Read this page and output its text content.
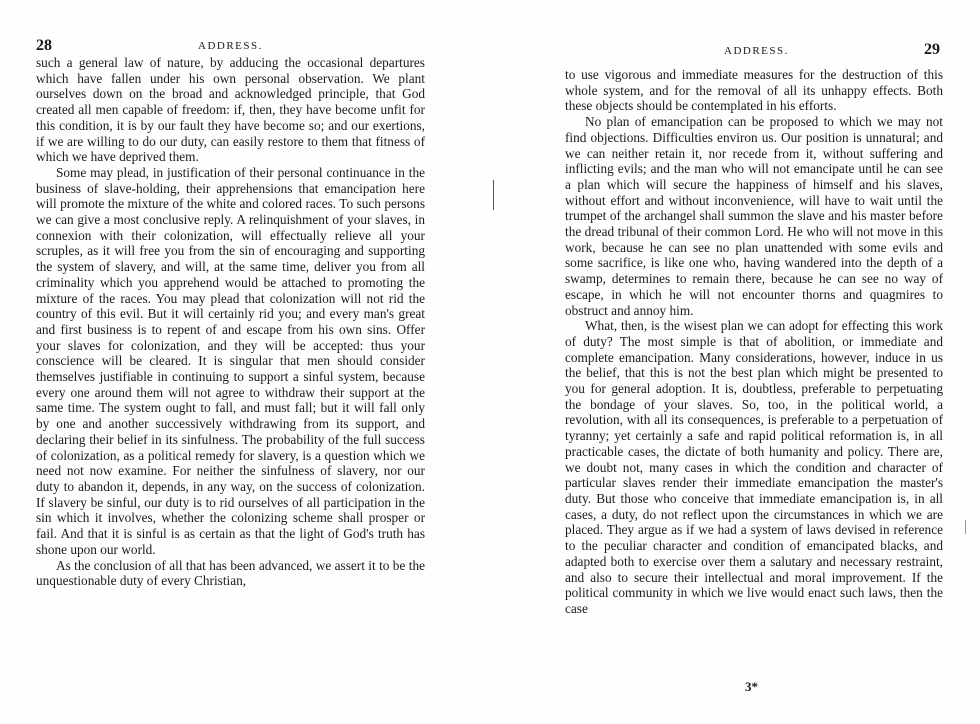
28	ADDRESS.

such a general law of nature, by adducing the occasional departures which have fallen under his own personal observation. We plant ourselves down on the broad and acknowledged principle, that God created all men capable of freedom: if, then, they have become unfit for this condition, it is by our fault they have become so; and our exertions, if we are willing to do our duty, can easily restore to them that fitness of which we have deprived them.

Some may plead, in justification of their personal continuance in the business of slave-holding, their apprehensions that emancipation here will promote the mixture of the white and colored races. To such persons we can give a most conclusive reply. A relinquishment of your slaves, in connexion with their colonization, will effectually relieve all your scruples, as it will free you from the sin of encouraging and supporting the system of slavery, and will, at the same time, deliver you from all criminality which you apprehend would be attached to promoting the mixture of the races. You may plead that colonization will not rid the country of this evil. But it will certainly rid you; and every man's great and first business is to repent of and escape from his own sins. Offer your slaves for colonization, and they will be accepted: thus your conscience will be cleared. It is singular that men should consider themselves justifiable in continuing to support a sinful system, because every one around them will not agree to withdraw their support at the same time. The system ought to fall, and must fall; but it will fall only by one and another successively withdrawing from its support, and declaring their belief in its sinfulness. The probability of the full success of colonization, as a political remedy for slavery, is a question which we need not now examine. For neither the sinfulness of slavery, nor our duty to abandon it, depends, in any way, on the success of colonization. If slavery be sinful, our duty is to rid ourselves of all participation in the sin which it involves, whether the colonizing scheme shall prosper or fail. And that it is sinful is as certain as that the light of God's truth has shone upon our world.

As the conclusion of all that has been advanced, we assert it to be the unquestionable duty of every Christian,

ADDRESS.	29

to use vigorous and immediate measures for the destruction of this whole system, and for the removal of all its unhappy effects. Both these objects should be contemplated in his efforts.

No plan of emancipation can be proposed to which we may not find objections. Difficulties environ us. Our position is unnatural; and we can neither retain it, nor recede from it, without suffering and inflicting evils; and the man who will not emancipate until he can see a plan which will secure the happiness of himself and his slaves, without effort and without inconvenience, will have to wait until the trumpet of the archangel shall summon the slave and his master before the dread tribunal of their common Lord. He who will not move in this work, because he can see no plan unattended with some evils and some sacrifice, is like one who, having wandered into the depth of a swamp, determines to remain there, because he can see no way of escape, in which he will not encounter thorns and quagmires to obstruct and annoy him.

What, then, is the wisest plan we can adopt for effecting this work of duty? The most simple is that of abolition, or immediate and complete emancipation. Many considerations, however, induce in us the belief, that this is not the best plan which might be presented to you for general adoption. It is, doubtless, preferable to perpetuating the bondage of your slaves. So, too, in the political world, a revolution, with all its consequences, is preferable to a perpetuation of tyranny; yet certainly a safe and rapid political reformation is, in all practicable cases, the dictate of both humanity and policy. There are, we doubt not, many cases in which the condition and character of particular slaves render their immediate emancipation the master's duty. But those who conceive that immediate emancipation is, in all cases, a duty, do not reflect upon the circumstances in which we are placed. They argue as if we had a system of laws devised in reference to the peculiar character and condition of emancipated blacks, and adapted both to exercise over them a salutary and necessary restraint, and also to secure their intellectual and moral improvement. If the political community in which we live would enact such laws, then the case

3*
